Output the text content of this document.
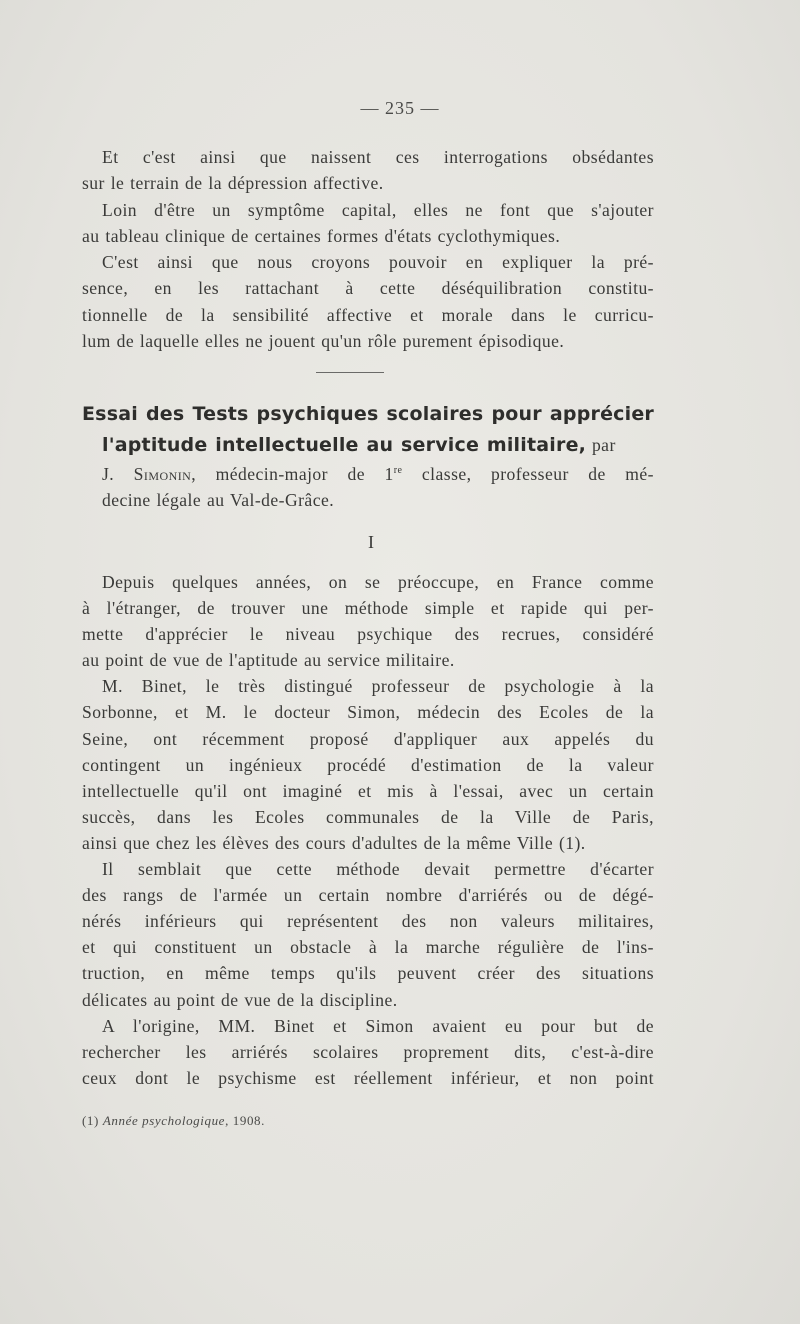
— 235 —

Et c'est ainsi que naissent ces interrogations obsédantes
sur le terrain de la dépression affective.

Loin d'être un symptôme capital, elles ne font que s'ajouter
au tableau clinique de certaines formes d'états cyclothymiques.

C'est ainsi que nous croyons pouvoir en expliquer la pré-
sence, en les rattachant à cette déséquilibration constitu-
tionnelle de la sensibilité affective et morale dans le curricu-
lum de laquelle elles ne jouent qu'un rôle purement épisodique.

Essai des Tests psychiques scolaires pour apprécier
l'aptitude intellectuelle au service militaire, par

J. Simonin, médecin-major de 1re classe, professeur de mé-
decine légale au Val-de-Grâce.

I

Depuis quelques années, on se préoccupe, en France comme
à l'étranger, de trouver une méthode simple et rapide qui per-
mette d'apprécier le niveau psychique des recrues, considéré
au point de vue de l'aptitude au service militaire.

M. Binet, le très distingué professeur de psychologie à la
Sorbonne, et M. le docteur Simon, médecin des Ecoles de la
Seine, ont récemment proposé d'appliquer aux appelés du
contingent un ingénieux procédé d'estimation de la valeur
intellectuelle qu'il ont imaginé et mis à l'essai, avec un certain
succès, dans les Ecoles communales de la Ville de Paris,
ainsi que chez les élèves des cours d'adultes de la même Ville (1).

Il semblait que cette méthode devait permettre d'écarter
des rangs de l'armée un certain nombre d'arriérés ou de dégé-
nérés inférieurs qui représentent des non valeurs militaires,
et qui constituent un obstacle à la marche régulière de l'ins-
truction, en même temps qu'ils peuvent créer des situations
délicates au point de vue de la discipline.

A l'origine, MM. Binet et Simon avaient eu pour but de
rechercher les arriérés scolaires proprement dits, c'est-à-dire
ceux dont le psychisme est réellement inférieur, et non point

(1) Année psychologique, 1908.
